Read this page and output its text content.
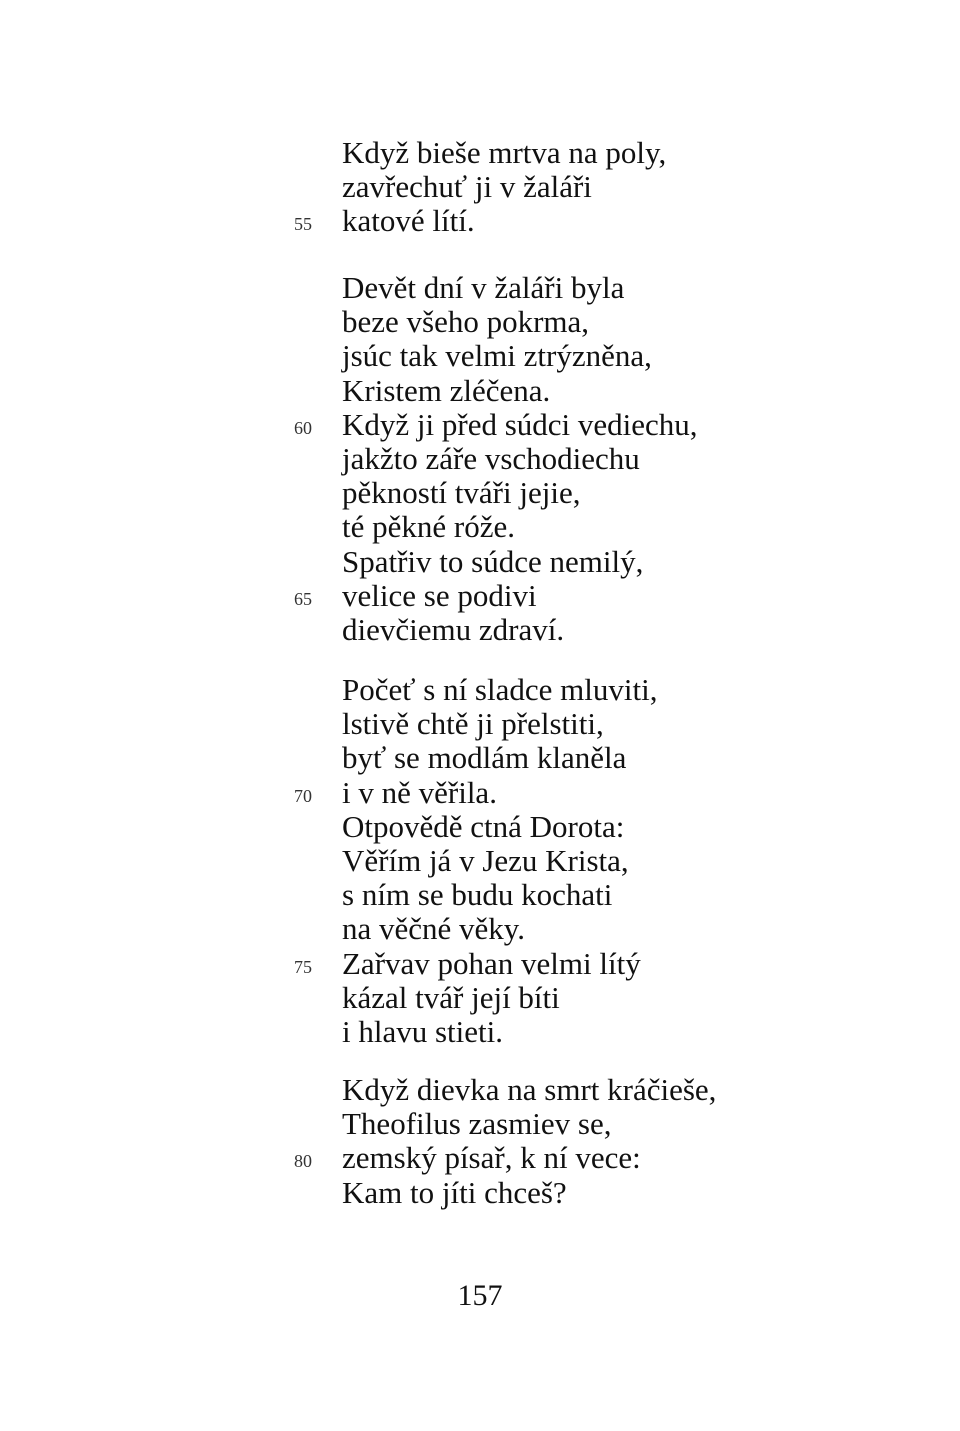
Když bieše mrtva na poly,
zavřechuť ji v žaláři
55 katové lítí.
Devět dní v žaláři byla
beze všeho pokrma,
jsúc tak velmi ztrýzněna,
Kristem zléčena.
60 Když ji před súdci vediechu,
jakžto záře vschodiechu
pěkností tváři jejie,
té pěkné róže.
Spatřiv to súdce nemilý,
65 velice se podivi
dievčiemu zdraví.
Počeť s ní sladce mluviti,
lstivě chtě ji přelstiti,
byť se modlám klaněla
70 i v ně věřila.
Otpovědě ctná Dorota:
Věřím já v Jezu Krista,
s ním se budu kochati
na věčné věky.
75 Zařvav pohan velmi lítý
kázal tvář její bíti
i hlavu stieti.
Když dievka na smrt kráčieše,
Theofilus zasmiev se,
80 zemský písař, k ní vece:
Kam to jíti chceš?
157
